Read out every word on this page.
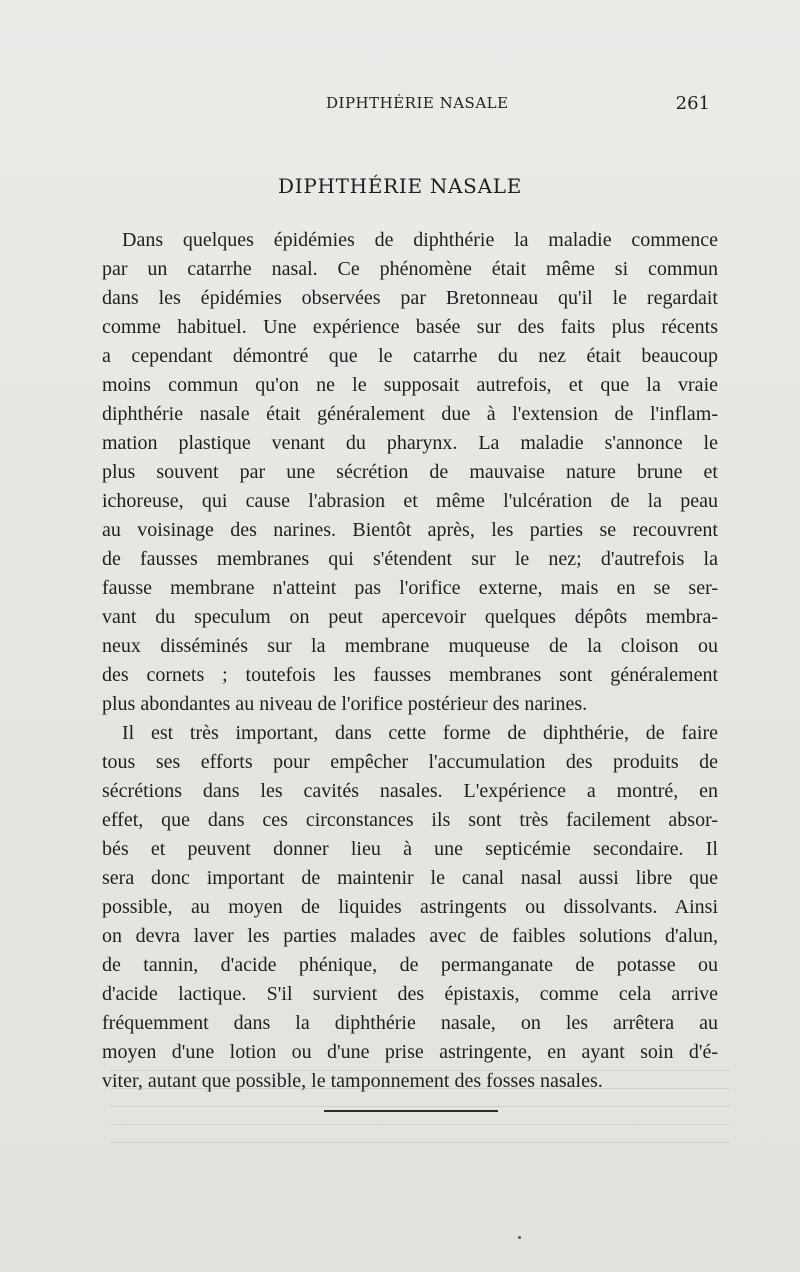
DIPHTHÉRIE NASALE	261
DIPHTHÉRIE NASALE
Dans quelques épidémies de diphthérie la maladie commence
par un catarrhe nasal. Ce phénomène était même si commun
dans les épidémies observées par Bretonneau qu'il le regardait
comme habituel. Une expérience basée sur des faits plus récents
a cependant démontré que le catarrhe du nez était beaucoup
moins commun qu'on ne le supposait autrefois, et que la vraie
diphthérie nasale était généralement due à l'extension de l'inflam-
mation plastique venant du pharynx. La maladie s'annonce le
plus souvent par une sécrétion de mauvaise nature brune et
ichoreuse, qui cause l'abrasion et même l'ulcération de la peau
au voisinage des narines. Bientôt après, les parties se recouvrent
de fausses membranes qui s'étendent sur le nez; d'autrefois la
fausse membrane n'atteint pas l'orifice externe, mais en se ser-
vant du speculum on peut apercevoir quelques dépôts membra-
neux disséminés sur la membrane muqueuse de la cloison ou
des cornets ; toutefois les fausses membranes sont généralement
plus abondantes au niveau de l'orifice postérieur des narines.
Il est très important, dans cette forme de diphthérie, de faire
tous ses efforts pour empêcher l'accumulation des produits de
sécrétions dans les cavités nasales. L'expérience a montré, en
effet, que dans ces circonstances ils sont très facilement absor-
bés et peuvent donner lieu à une septicémie secondaire. Il
sera donc important de maintenir le canal nasal aussi libre que
possible, au moyen de liquides astringents ou dissolvants. Ainsi
on devra laver les parties malades avec de faibles solutions d'alun,
de tannin, d'acide phénique, de permanganate de potasse ou
d'acide lactique. S'il survient des épistaxis, comme cela arrive
fréquemment dans la diphthérie nasale, on les arrêtera au
moyen d'une lotion ou d'une prise astringente, en ayant soin d'é-
viter, autant que possible, le tamponnement des fosses nasales.
